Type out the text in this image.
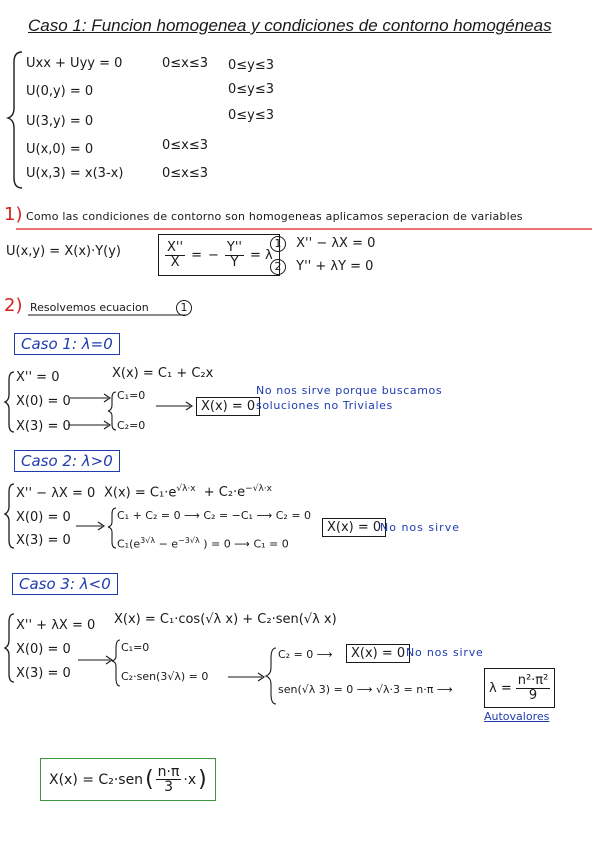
Caso 1: Funcion homogenea y condiciones de contorno homogéneas
Uxx + Uyy = 0	0≤x≤3 0≤y≤3
U(0,y) = 0	0≤y≤3
U(3,y) = 0	0≤y≤3
U(x,0) = 0	0≤x≤3
U(x,3) = x(3-x)	0≤x≤3
1) Como las condiciones de contorno son homogeneas aplicamos seperacion de variables
U(x,y) = X(x)·Y(y)	$\frac{X''}{X}$ = − $\frac{Y''}{Y} = \lambda$
1 X'' − λX = 0
2 Y'' + λY = 0
2) Resolvemos ecuacion	1
Caso 1: λ=0
X(x) = C₁ + C₂x
X'' = 0
X(0) = 0
X(3) = 0
C₁=0
C₂=0
X(x) = 0
No nos sirve porque buscamos
soluciones no Triviales
Caso 2: λ>0
$X(x) = C_1\cdot e^{√\lambda\cdot x} + C_2\cdot e^{-√\lambda\cdot x}$
X'' − λX = 0
X(0) = 0
X(3) = 0
C₁ + C₂ = 0 ⟶ C₂ = −C₁ ⟶ C₂ = 0
$C_1(e^{3√\lambda} - e^{-3√\lambda}$ ) = 0 ⟶ C₁ = 0
X(x) = 0
No nos sirve
Caso 3: λ<0
X(x) = C₁·cos(√λ x) + C₂·sen(√λ x)
X'' + λX = 0
X(0) = 0
X(3) = 0
C₁=0
C₂·sen(3√λ) = 0
C₂ = 0 ⟶	X(x) = 0 No nos sirve
sen(√λ 3) = 0 ⟶ √λ·3 = n·π ⟶	$\lambda = \frac{\text{n²·π²}}{9}$
Autovalores
X(x) = C₂·sen ( $\frac{n\cdot\pi}{3} \cdot x$ )
